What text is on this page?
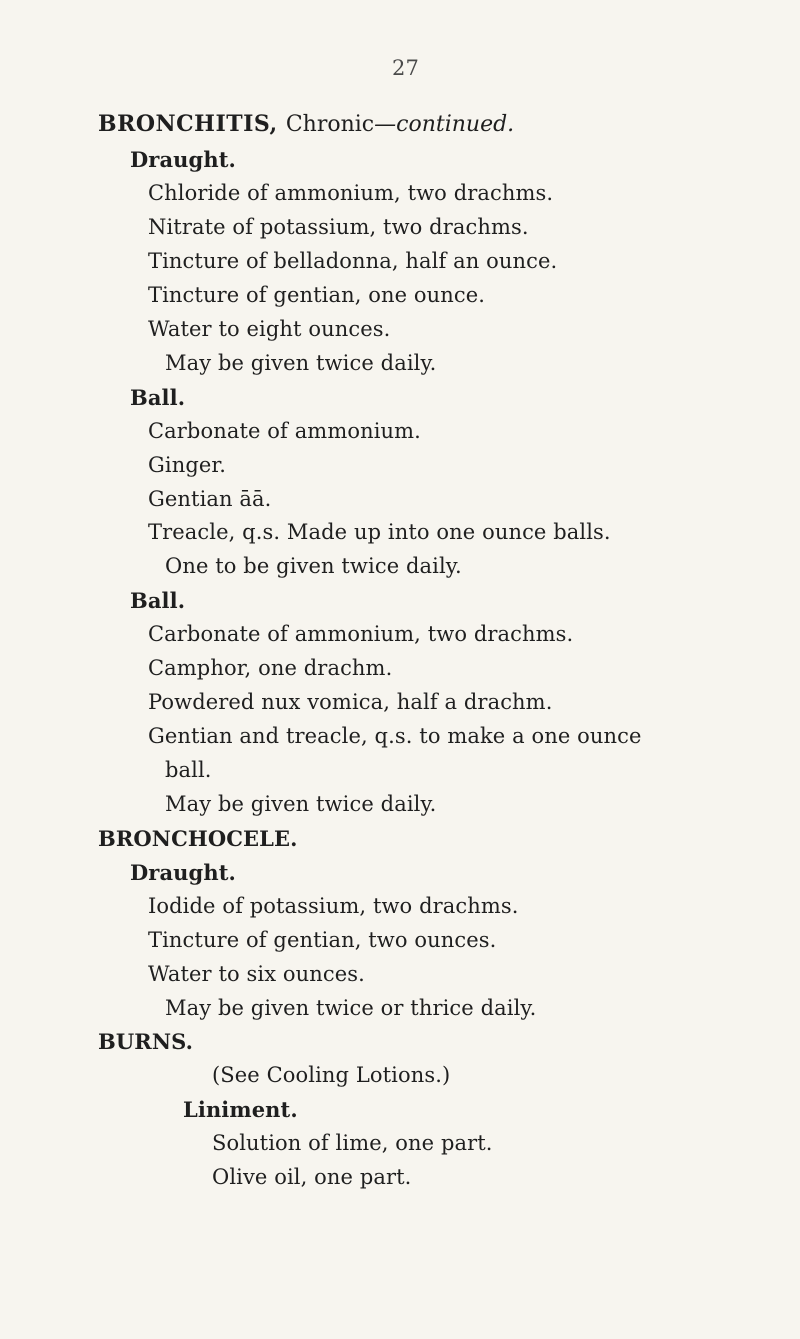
27
BRONCHITIS, Chronic—continued.
Draught.
Chloride of ammonium, two drachms.
Nitrate of potassium, two drachms.
Tincture of belladonna, half an ounce.
Tincture of gentian, one ounce.
Water to eight ounces.
May be given twice daily.
Ball.
Carbonate of ammonium.
Ginger.
Gentian āā.
Treacle, q.s. Made up into one ounce balls.
One to be given twice daily.
Ball.
Carbonate of ammonium, two drachms.
Camphor, one drachm.
Powdered nux vomica, half a drachm.
Gentian and treacle, q.s. to make a one ounce
ball.
May be given twice daily.
BRONCHOCELE.
Draught.
Iodide of potassium, two drachms.
Tincture of gentian, two ounces.
Water to six ounces.
May be given twice or thrice daily.
BURNS.
(See Cooling Lotions.)
Liniment.
Solution of lime, one part.
Olive oil, one part.
